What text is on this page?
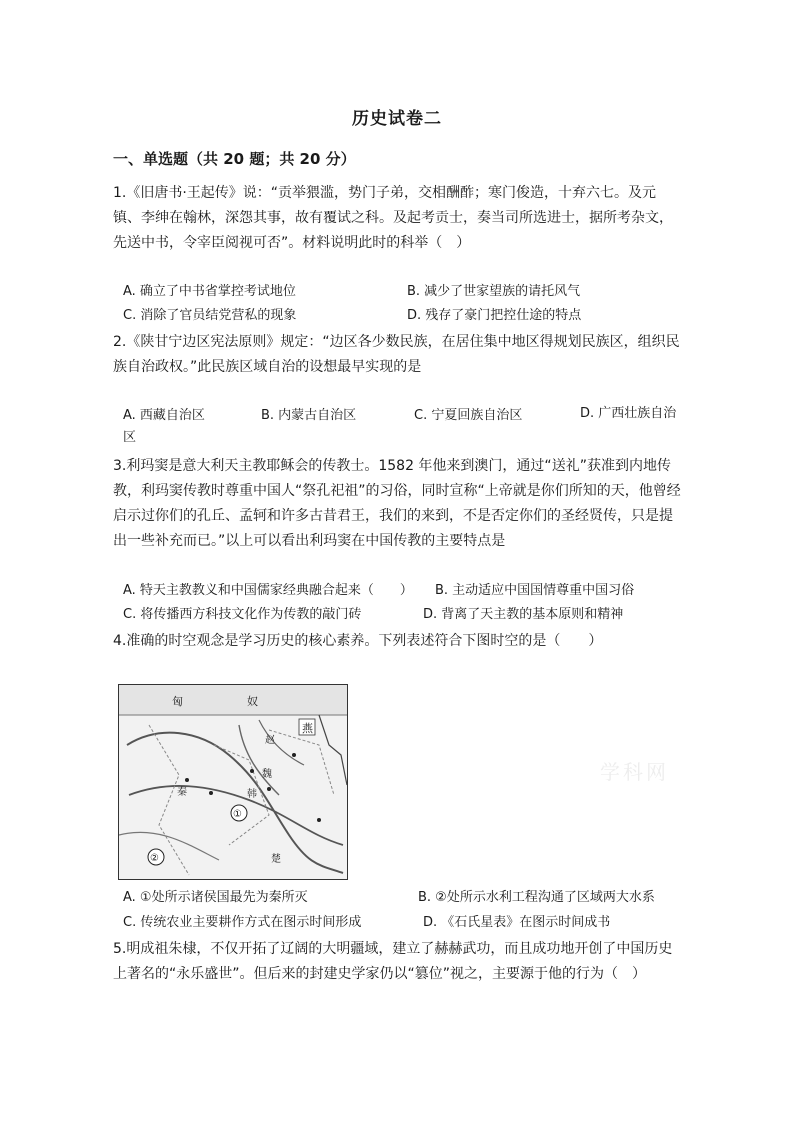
历史试卷二
一、单选题（共 20 题；共 20 分）
1.《旧唐书·王起传》说：“贡举猥滥，势门子弟，交相酬酢；寒门俊造，十弃六七。及元镇、李绅在翰林，深怨其事，故有覆试之科。及起考贡士，奏当司所选进士，据所考杂文，先送中书，令宰臣阅视可否”。材料说明此时的科举（　）
A. 确立了中书省掌控考试地位	B. 减少了世家望族的请托风气
C. 消除了官员结党营私的现象	D. 残存了豪门把控仕途的特点
2.《陕甘宁边区宪法原则》规定：“边区各少数民族，在居住集中地区得规划民族区，组织民族自治政权。”此民族区域自治的设想最早实现的是
A. 西藏自治区	B. 内蒙古自治区	C. 宁夏回族自治区	D. 广西壮族自治区
3.利玛窦是意大利天主教耶稣会的传教士。1582 年他来到澳门，通过“送礼”获准到内地传教，利玛窦传教时尊重中国人“祭孔祀祖”的习俗，同时宣称“上帝就是你们所知的天，他曾经启示过你们的孔丘、孟轲和许多古昔君王，我们的来到，不是否定你们的圣经贤传，只是提出一些补充而已。”以上可以看出利玛窦在中国传教的主要特点是
A. 特天主教教义和中国儒家经典融合起来（　　） B. 主动适应中国国情尊重中国习俗
C. 将传播西方科技文化作为传教的敲门砖	D. 背离了天主教的基本原则和精神
4.准确的时空观念是学习历史的核心素养。下列表述符合下图时空的是（　　）
匈	奴
燕
赵
韩
魏
楚
秦
①
②
学科网
A. ①处所示诸侯国最先为秦所灭	B. ②处所示水利工程沟通了区域两大水系
C. 传统农业主要耕作方式在图示时间形成	D. 《石氏星表》在图示时间成书
5.明成祖朱棣，不仅开拓了辽阔的大明疆域，建立了赫赫武功，而且成功地开创了中国历史上著名的“永乐盛世”。但后来的封建史学家仍以“篡位”视之，主要源于他的行为（　）
